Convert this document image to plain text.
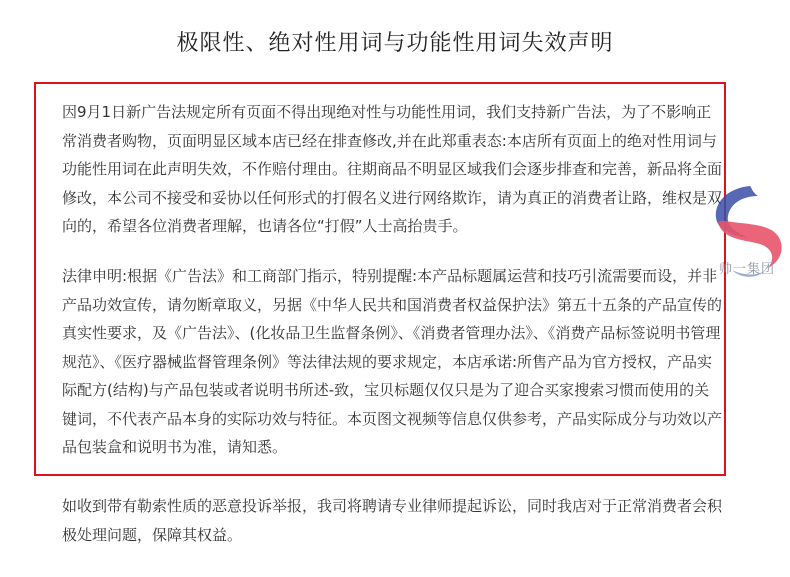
极限性、绝对性用词与功能性用词失效声明

因9月1日新广告法规定所有页面不得出现绝对性与功能性用词，我们支持新广告法，为了不影响正常消费者购物，页面明显区域本店已经在排查修改,并在此郑重表态:本店所有页面上的绝对性用词与功能性用词在此声明失效，不作赔付理由。往期商品不明显区域我们会逐步排查和完善，新品将全面修改，本公司不接受和妥协以任何形式的打假名义进行网络欺诈，请为真正的消费者让路，维权是双向的，希望各位消费者理解，也请各位“打假”人士高抬贵手。

法律申明:根据《广告法》和工商部门指示，特别提醒:本产品标题属运营和技巧引流需要而设，并非产品功效宣传，请勿断章取义，另据《中华人民共和国消费者权益保护法》第五十五条的产品宣传的真实性要求，及《广告法》、(化妆品卫生监督条例》、《消费者管理办法》、《消费产品标签说明书管理规范》、《医疗器械监督管理条例》等法律法规的要求规定，本店承诺:所售产品为官方授权，产品实际配方(结构)与产品包装或者说明书所述-致，宝贝标题仅仅只是为了迎合买家搜索习惯而使用的关键词，不代表产品本身的实际功效与特征。本页图文视频等信息仅供参考，产品实际成分与功效以产品包装盒和说明书为准，请知悉。

如收到带有勒索性质的恶意投诉举报，我司将聘请专业律师提起诉讼，同时我店对于正常消费者会积极处理问题，保障其权益。

帅一集团
